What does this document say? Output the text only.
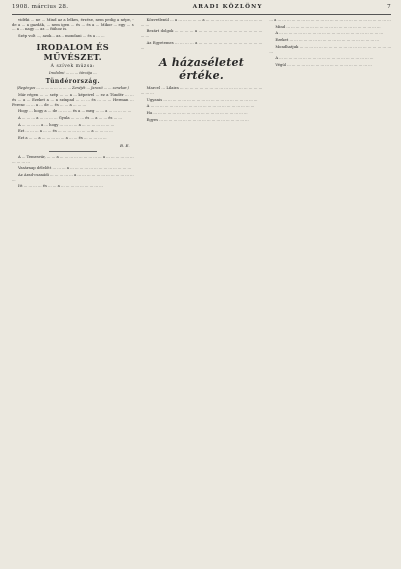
1908. március 28.	ARADI KÖZLÖNY	7

vidéki ... ne ... Mind az a lelkes, érzése, nem pedig a népe, - de a ... a gazdák, ... nem igen ... és ... és a ... Mikor ... egy ... s ... a ... nagy ... az ... fiúhoz is.

Szép volt ..., azok... az... mondani ... és a ... ...

IRODALOM ÉS MŰVÉSZET.
A szívek múzsa:
Irodalmi ... ... ... tárcája ...
Tündérország.
(Regényes ... ... ... ... ... ... ... ... Zenéjét ... Jancsó ... ... zenekar.)

Már régen ... ... szép ... ... a ... képeivel ... ez a Tündér ... ... és ... a ... Ezeket a ... a színpad ... ... ... és ... ... ... Herman ... Ferenc ... ... a ... de ... és ... ... a ... ... ...

Hogy ... hogy a ... de ... ... ... és a ... meg ... ... a ... ... ... ... ...

A ... ... ... a ... ... ... ... Gyula ... ... ... és ... a ... ... és ... ...

A ... ... ... ... a ... hogy ... ... ... ... a ... ... ... ... ... ... ...

Ezt ... ... ... a ... ... és ... ... ... ... ... ... ... a ... ... ... ...

Ezt a ... ... a ... ... ... ... ... a ... ... és ... ... ... ... ...

B. E.

A ... Temesvár, ... ... a ... ... ... ... ... ... ... ... ... a ... ... ... ... ... ... ... ... ... ...

Vasárnap délelőtt ... ... ... a ... ... ... ... ... ... ... ... ... ... ... ... ...

Az Arad-csanádi ... ... ... ... ... a ... ... ... ... ... ... ... ... ... ... ... ... ...

Itt ... ... ... ... és ... ... a ... ... ... ... ... ... ... ... ...

Közvetlenül ... a ... ... ... ... ... a ... ... ... ... ... ... ... ... ... ... ... ... ... ...

Bezárt dolgok ... ... ... ... a ... ... ... ... ... ... ... ... ... ... ... ... ... ... ...

Az Egyetemes ... ... ... ... a ... ... ... ... ... ... ... ... ... ... ... ... ... ...

A házaséletet értéke.

Marcel ... Lilaira ... ... ... ... ... ... ... ... ... ... ... ... ... ... ... ... ... ... ... ...

Ugyanis ... ... ... ... ... ... ... ... ... ... ... ... ... ... ... ... ... ... ... ...

A ... ... ... ... ... ... ... ... ... ... ... ... ... ... ... ... ... ... ... ... ... ...

Ha ... ... ... ... ... ... ... ... ... ... ... ... ... ... ... ... ... ... ... ...

Egyes ... ... ... ... ... ... ... ... ... ... ... ... ... ... ... ... ... ... ...

... a ... ... ... ... ... ... ... ... ... ... ... ... ... ... ... ... ... ... ... ... ... ... ... ...

Mind ... ... ... ... ... ... ... ... ... ... ... ... ... ... ... ... ... ... ... ...

A ... ... ... ... ... ... ... ... ... ... ... ... ... ... ... ... ... ... ... ... ... ...

Ezeket ... ... ... ... ... ... ... ... ... ... ... ... ... ... ... ... ... ... ...

Mondhatjuk ... ... ... ... ... ... ... ... ... ... ... ... ... ... ... ... ... ... ... ...

A ... ... ... ... ... ... ... ... ... ... ... ... ... ... ... ... ... ... ... ...

Végül ... ... ... ... ... ... ... ... ... ... ... ... ... ... ... ... ... ...
